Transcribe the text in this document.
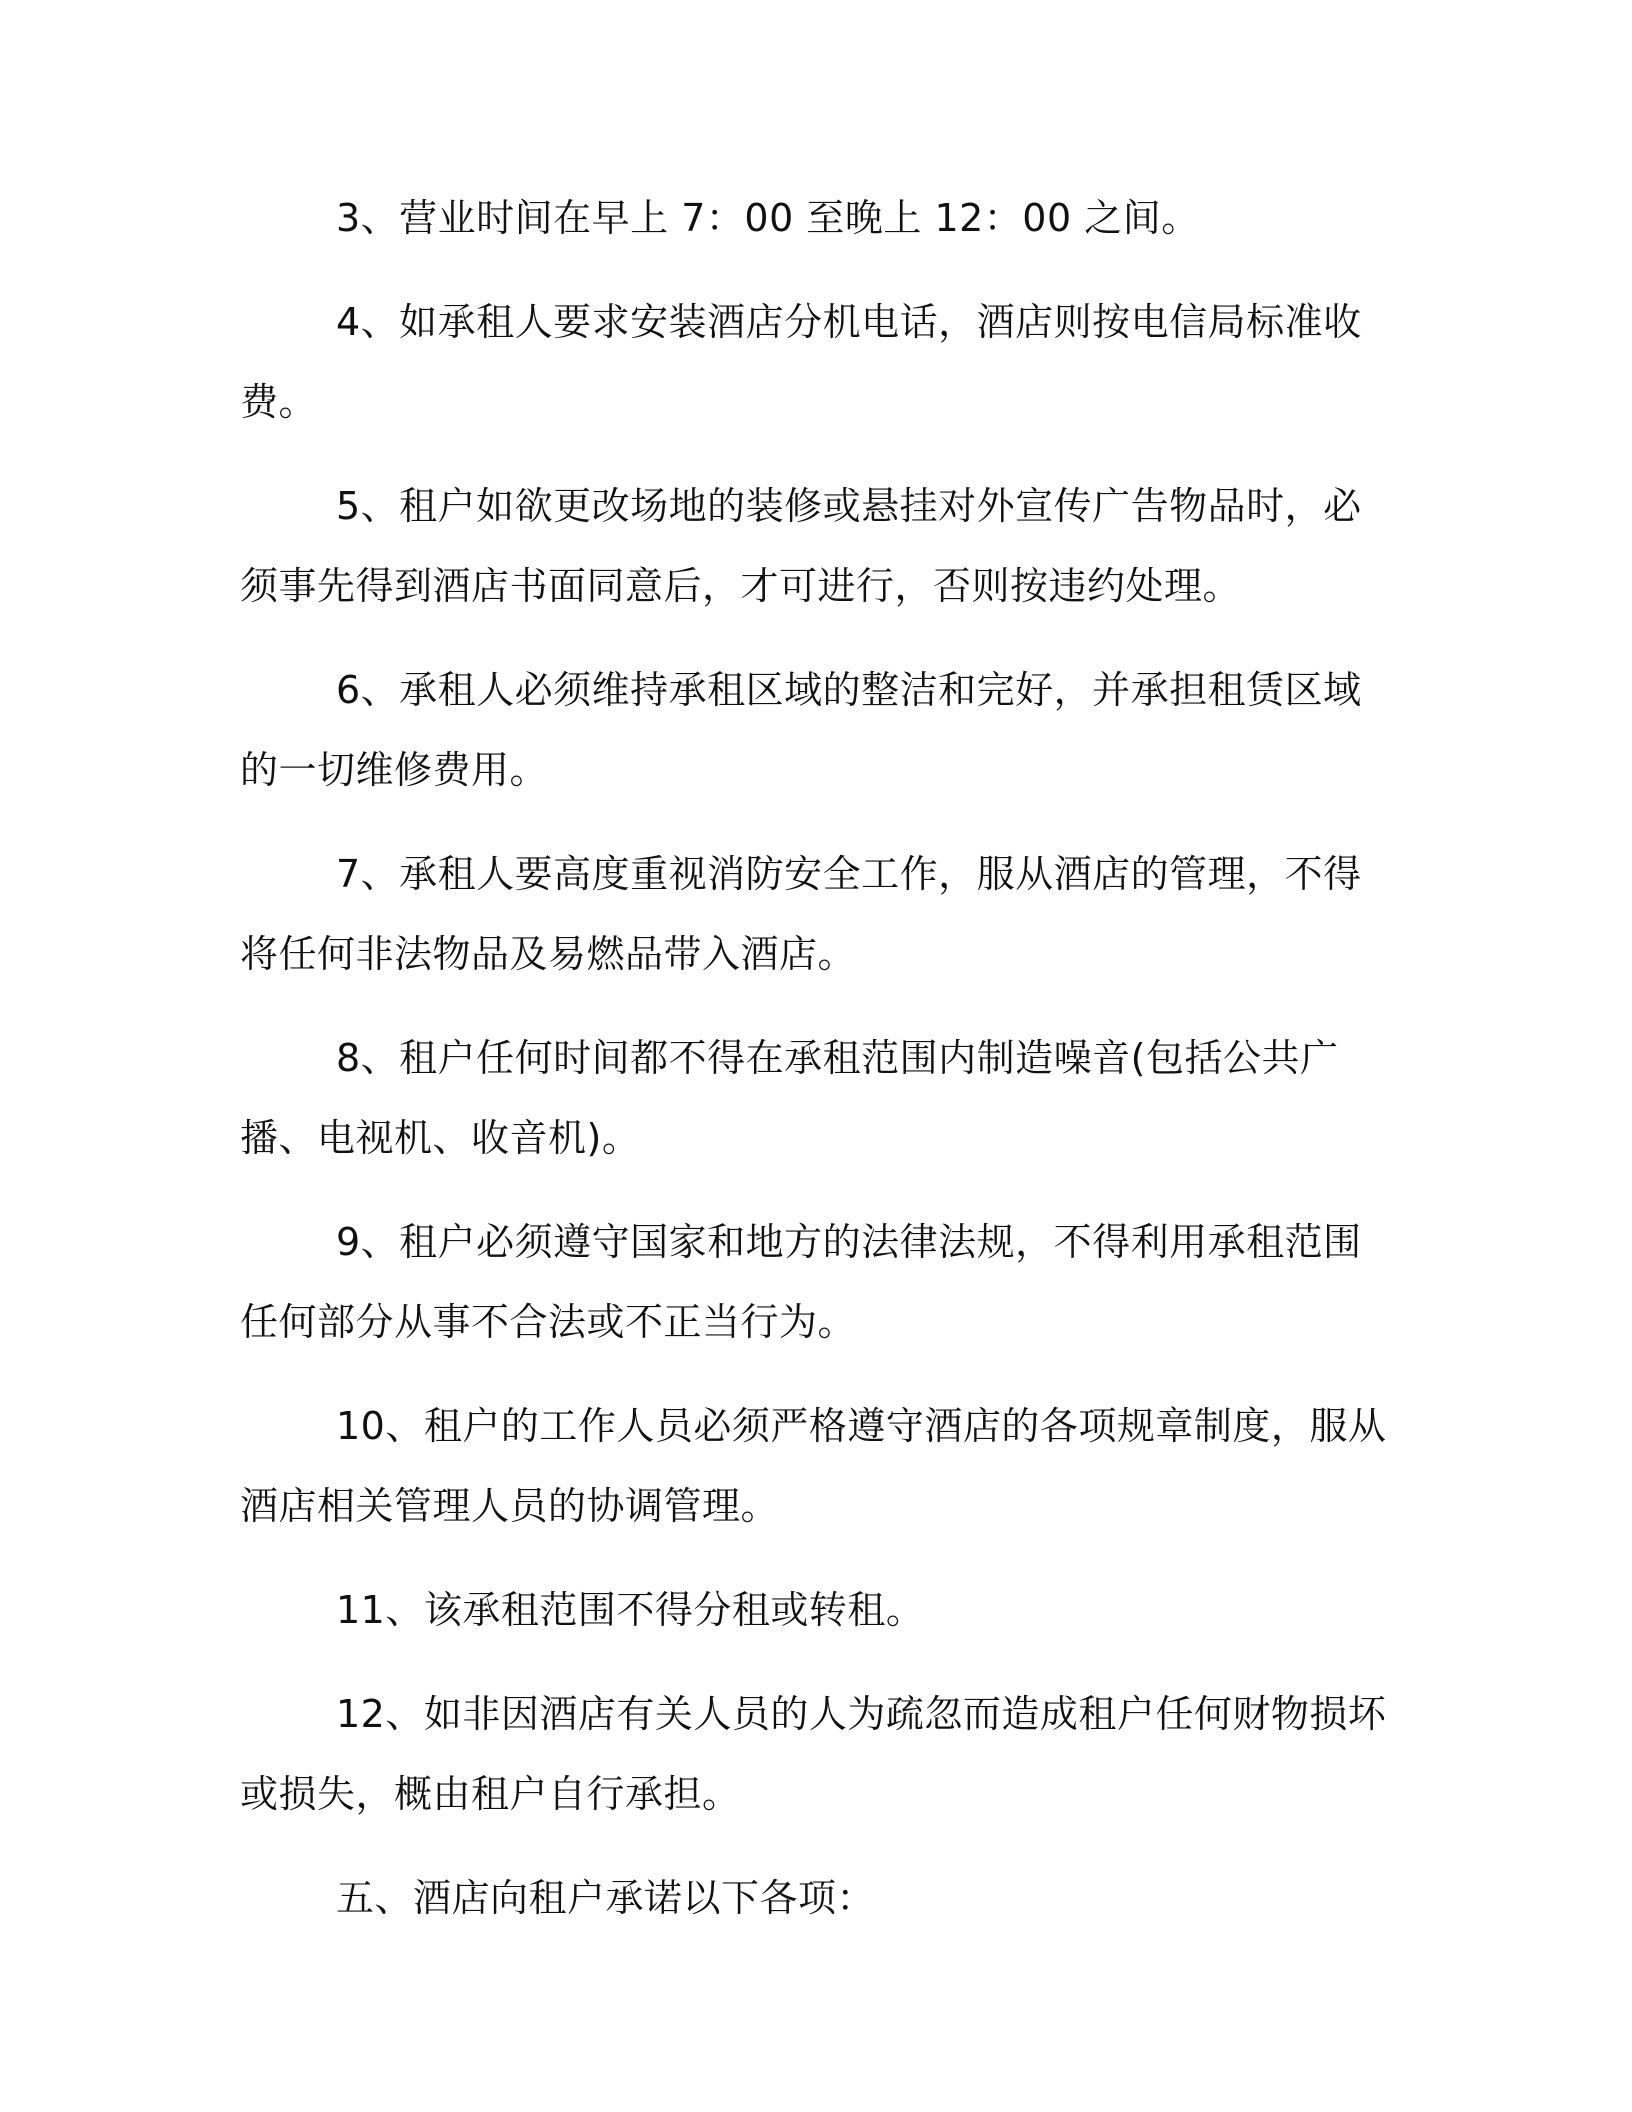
3、营业时间在早上 7：00 至晚上 12：00 之间。

4、如承租人要求安装酒店分机电话，酒店则按电信局标准收费。

5、租户如欲更改场地的装修或悬挂对外宣传广告物品时，必须事先得到酒店书面同意后，才可进行，否则按违约处理。

6、承租人必须维持承租区域的整洁和完好，并承担租赁区域的一切维修费用。

7、承租人要高度重视消防安全工作，服从酒店的管理，不得将任何非法物品及易燃品带入酒店。

8、租户任何时间都不得在承租范围内制造噪音(包括公共广播、电视机、收音机)。

9、租户必须遵守国家和地方的法律法规，不得利用承租范围任何部分从事不合法或不正当行为。

10、租户的工作人员必须严格遵守酒店的各项规章制度，服从酒店相关管理人员的协调管理。

11、该承租范围不得分租或转租。

12、如非因酒店有关人员的人为疏忽而造成租户任何财物损坏或损失，概由租户自行承担。

五、酒店向租户承诺以下各项：
